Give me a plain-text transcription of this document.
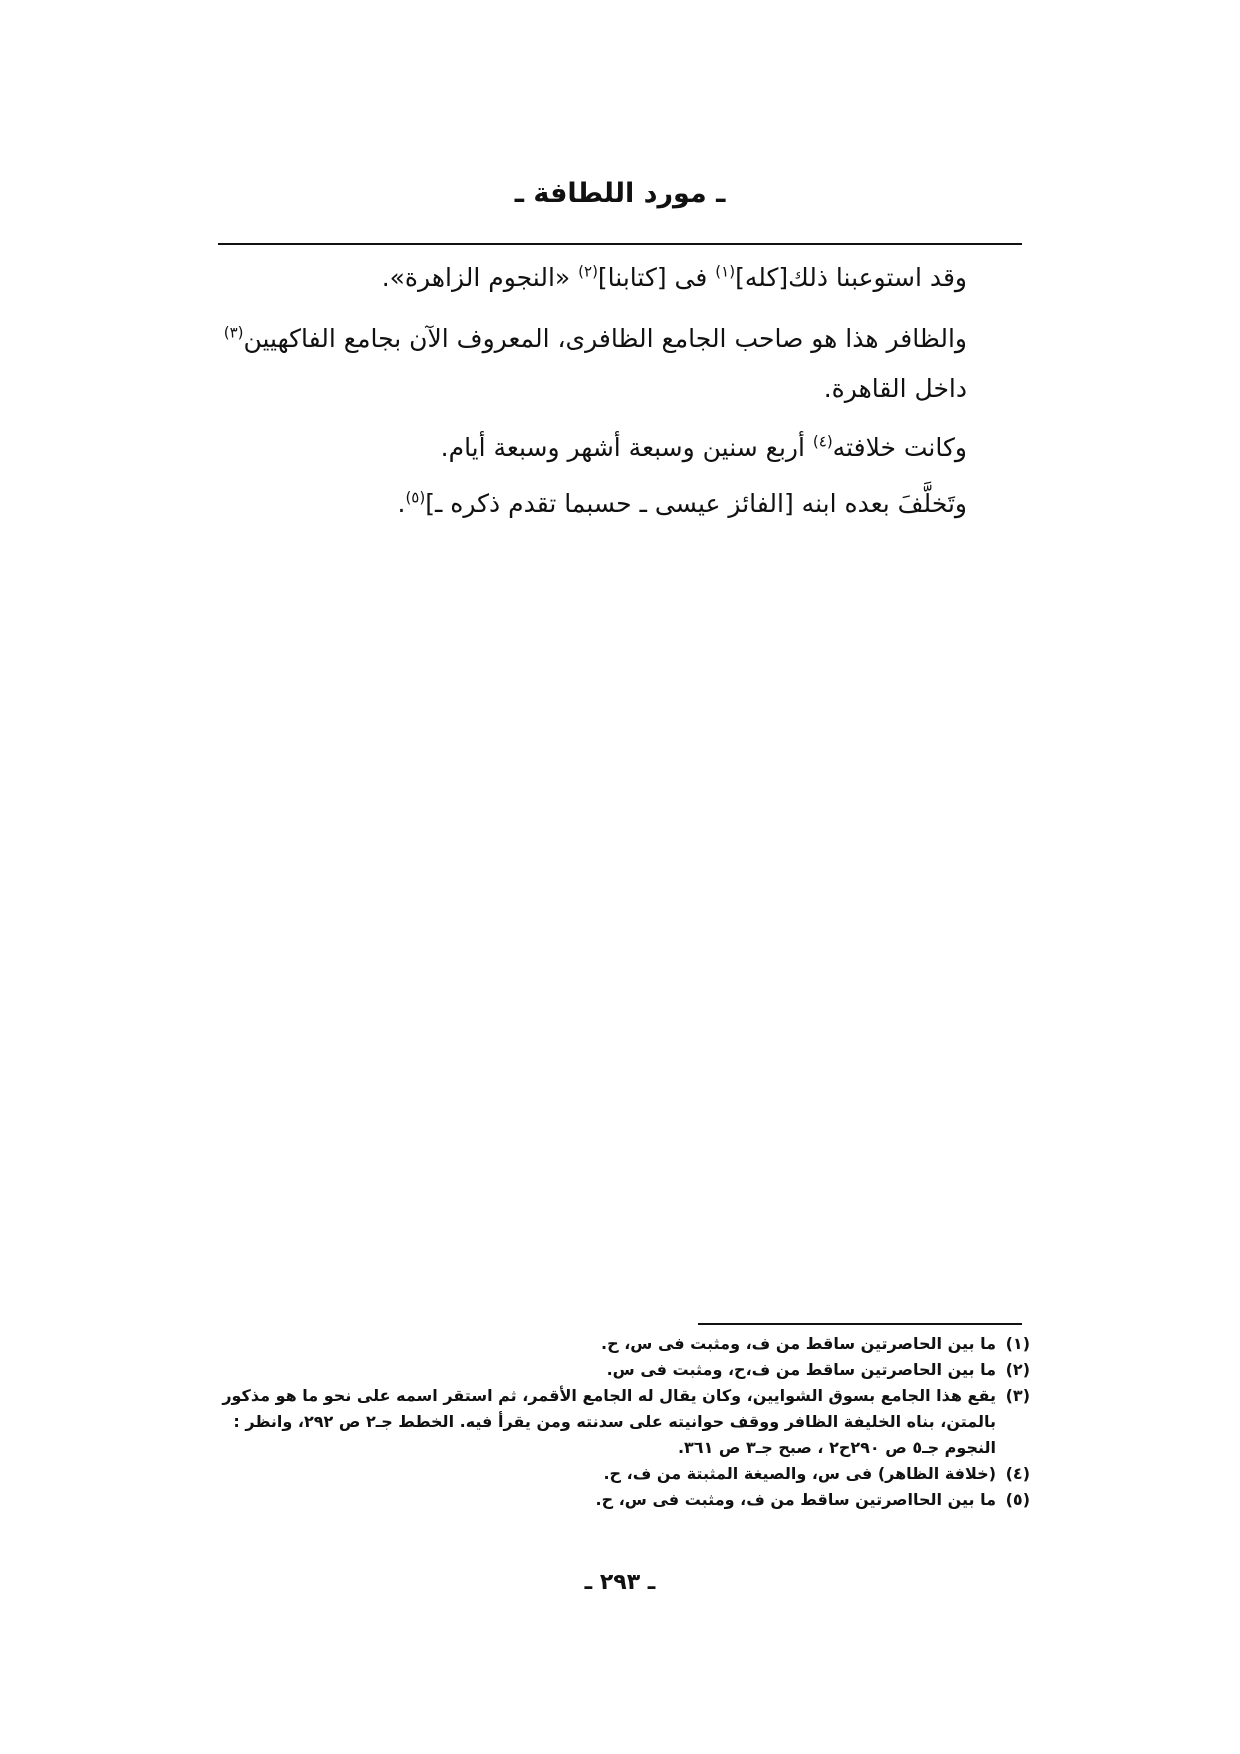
ـ مورد اللطافة ـ

وقد استوعبنا ذلك[كله]$^{(١)}$ فى [كتابنا]$^{(٢)}$ «النجوم الزاهرة».

والظافر هذا هو صاحب الجامع الظافرى، المعروف الآن بجامع الفاكهيين$^{(٣)}$ داخل القاهرة.

وكانت خلافته$^{(٤)}$ أربع سنين وسبعة أشهر وسبعة أيام.

وتَخلَّفَ بعده ابنه [الفائز عيسى ـ حسبما تقدم ذكره ـ]$^{(٥)}$.

(١)
ما بين الحاصرتين ساقط من ف، ومثبت فى س، ح.
(٢)
ما بين الحاصرتين ساقط من ف،ح، ومثبت فى س.
(٣)
يقع هذا الجامع بسوق الشوايين، وكان يقال له الجامع الأقمر، ثم استقر اسمه على نحو ما هو مذكور بالمتن، بناه الخليفة الظافر ووقف حوانيته على سدنته ومن يقرأ فيه. الخطط جـ٢ ص ٢٩٢، وانظر : النجوم جـ٥ ص ٢٩٠ح٢ ، صبح جـ٣ ص ٣٦١.
(٤)
(خلافة الظاهر) فى س، والصيغة المثبتة من ف، ح.
(٥)
ما بين الحااصرتين ساقط من ف، ومثبت فى س، ح.
ـ ٢٩٣ ـ
